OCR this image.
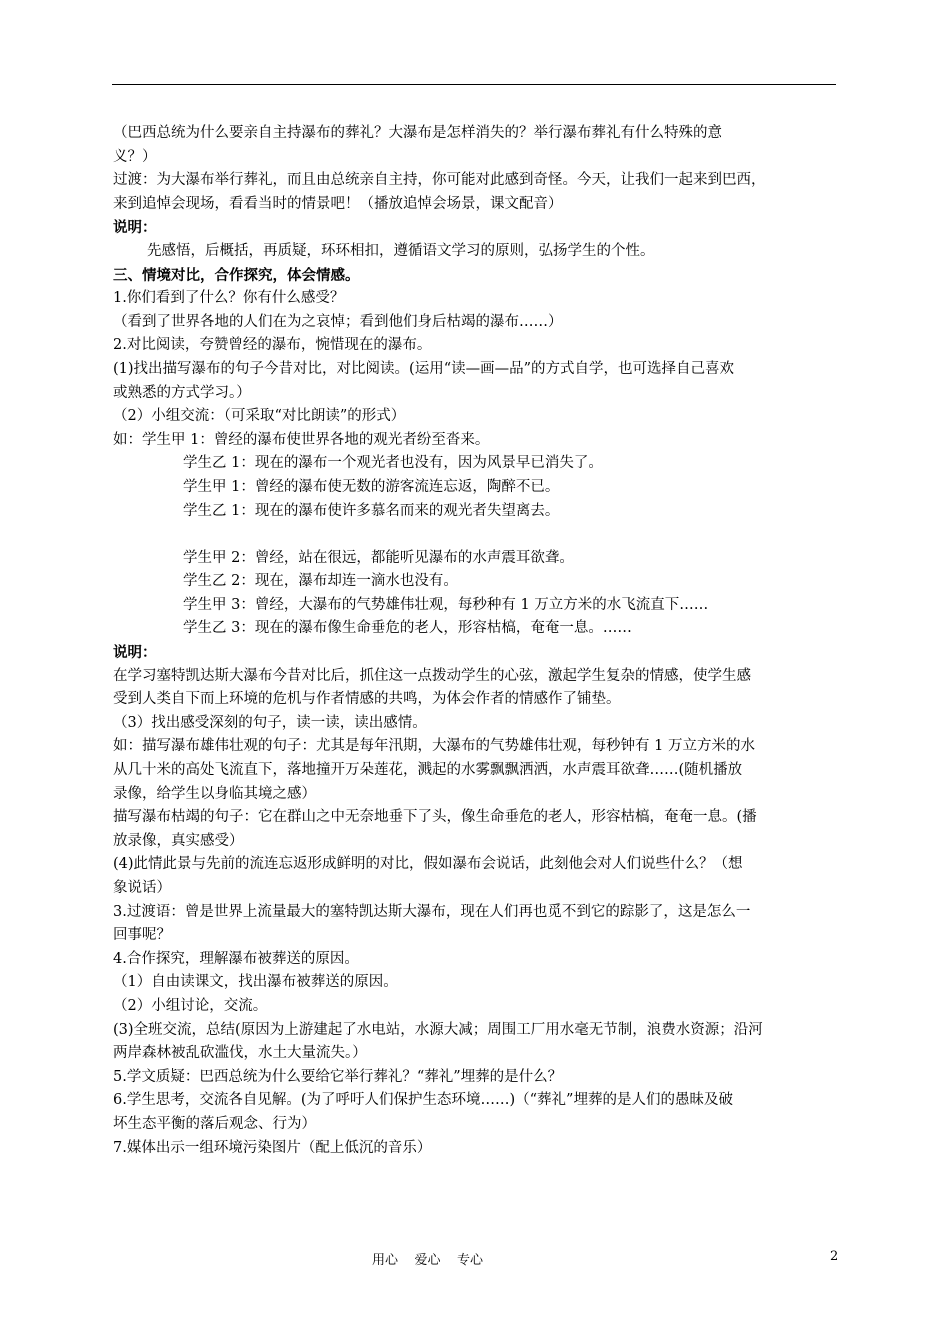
（巴西总统为什么要亲自主持瀑布的葬礼？大瀑布是怎样消失的？举行瀑布葬礼有什么特殊的意
义？）
过渡：为大瀑布举行葬礼，而且由总统亲自主持，你可能对此感到奇怪。今天，让我们一起来到巴西，
来到追悼会现场，看看当时的情景吧！（播放追悼会场景，课文配音）
说明：
先感悟，后概括，再质疑，环环相扣，遵循语文学习的原则，弘扬学生的个性。
三、情境对比，合作探究，体会情感。
1.你们看到了什么？你有什么感受？
（看到了世界各地的人们在为之哀悼；看到他们身后枯竭的瀑布……）
2.对比阅读，夸赞曾经的瀑布，惋惜现在的瀑布。
(1)找出描写瀑布的句子今昔对比，对比阅读。(运用“读—画—品”的方式自学，也可选择自己喜欢
或熟悉的方式学习。）
（2）小组交流：（可采取“对比朗读”的形式）
如：学生甲 1：曾经的瀑布使世界各地的观光者纷至沓来。
学生乙 1：现在的瀑布一个观光者也没有，因为风景早已消失了。
学生甲 1：曾经的瀑布使无数的游客流连忘返，陶醉不已。
学生乙 1：现在的瀑布使许多慕名而来的观光者失望离去。
学生甲 2：曾经，站在很远，都能听见瀑布的水声震耳欲聋。
学生乙 2：现在，瀑布却连一滴水也没有。
学生甲 3：曾经，大瀑布的气势雄伟壮观，每秒种有 1 万立方米的水飞流直下……
学生乙 3：现在的瀑布像生命垂危的老人，形容枯槁，奄奄一息。……
说明：
在学习塞特凯达斯大瀑布今昔对比后，抓住这一点拨动学生的心弦，激起学生复杂的情感，使学生感
受到人类自下而上环境的危机与作者情感的共鸣，为体会作者的情感作了铺垫。
（3）找出感受深刻的句子，读一读，读出感情。
如：描写瀑布雄伟壮观的句子：尤其是每年汛期，大瀑布的气势雄伟壮观，每秒钟有 1 万立方米的水
从几十米的高处飞流直下，落地撞开万朵莲花，溅起的水雾飘飘洒洒，水声震耳欲聋……(随机播放
录像，给学生以身临其境之感）
描写瀑布枯竭的句子：它在群山之中无奈地垂下了头，像生命垂危的老人，形容枯槁，奄奄一息。(播
放录像，真实感受）
(4)此情此景与先前的流连忘返形成鲜明的对比，假如瀑布会说话，此刻他会对人们说些什么？（想
象说话）
3.过渡语：曾是世界上流量最大的塞特凯达斯大瀑布，现在人们再也觅不到它的踪影了，这是怎么一
回事呢？
4.合作探究，理解瀑布被葬送的原因。
（1）自由读课文，找出瀑布被葬送的原因。
（2）小组讨论，交流。
(3)全班交流，总结(原因为上游建起了水电站，水源大减；周围工厂用水毫无节制，浪费水资源；沿河
两岸森林被乱砍滥伐，水土大量流失。）
5.学文质疑：巴西总统为什么要给它举行葬礼？“葬礼”埋葬的是什么？
6.学生思考，交流各自见解。(为了呼吁人们保护生态环境……)（“葬礼”埋葬的是人们的愚昧及破
坏生态平衡的落后观念、行为）
7.媒体出示一组环境污染图片（配上低沉的音乐）
用心    爱心    专心	2
